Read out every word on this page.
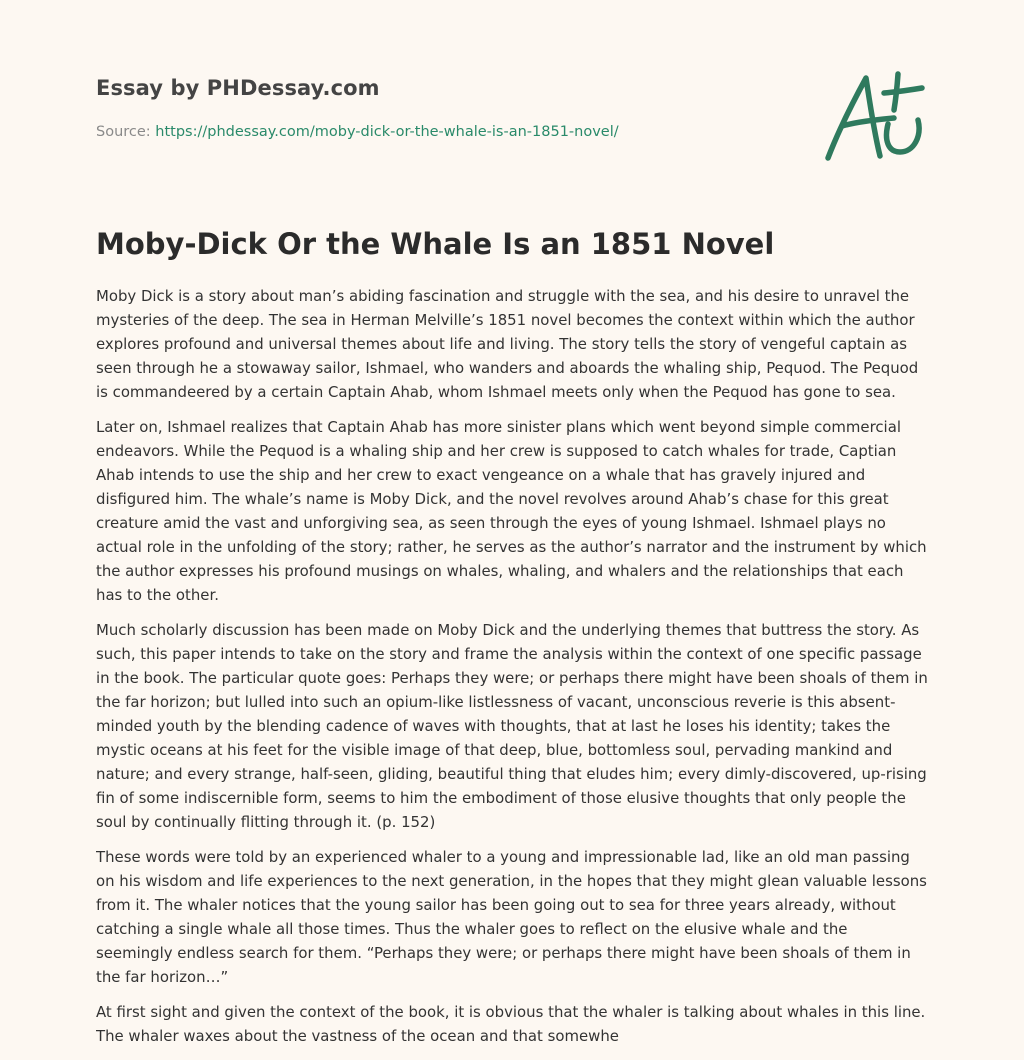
Essay by PHDessay.com

Source: https://phdessay.com/moby-dick-or-the-whale-is-an-1851-novel/

Moby-Dick Or the Whale Is an 1851 Novel

Moby Dick is a story about man’s abiding fascination and struggle with the sea, and his desire to unravel the mysteries of the deep. The sea in Herman Melville’s 1851 novel becomes the context within which the author explores profound and universal themes about life and living. The story tells the story of vengeful captain as seen through he a stowaway sailor, Ishmael, who wanders and aboards the whaling ship, Pequod. The Pequod is commandeered by a certain Captain Ahab, whom Ishmael meets only when the Pequod has gone to sea.

Later on, Ishmael realizes that Captain Ahab has more sinister plans which went beyond simple commercial endeavors. While the Pequod is a whaling ship and her crew is supposed to catch whales for trade, Captian Ahab intends to use the ship and her crew to exact vengeance on a whale that has gravely injured and disfigured him. The whale’s name is Moby Dick, and the novel revolves around Ahab’s chase for this great creature amid the vast and unforgiving sea, as seen through the eyes of young Ishmael. Ishmael plays no actual role in the unfolding of the story; rather, he serves as the author’s narrator and the instrument by which the author expresses his profound musings on whales, whaling, and whalers and the relationships that each has to the other.

Much scholarly discussion has been made on Moby Dick and the underlying themes that buttress the story. As such, this paper intends to take on the story and frame the analysis within the context of one specific passage in the book. The particular quote goes: Perhaps they were; or perhaps there might have been shoals of them in the far horizon; but lulled into such an opium-like listlessness of vacant, unconscious reverie is this absent-minded youth by the blending cadence of waves with thoughts, that at last he loses his identity; takes the mystic oceans at his feet for the visible image of that deep, blue, bottomless soul, pervading mankind and nature; and every strange, half-seen, gliding, beautiful thing that eludes him; every dimly-discovered, up-rising fin of some indiscernible form, seems to him the embodiment of those elusive thoughts that only people the soul by continually flitting through it. (p. 152)

These words were told by an experienced whaler to a young and impressionable lad, like an old man passing on his wisdom and life experiences to the next generation, in the hopes that they might glean valuable lessons from it. The whaler notices that the young sailor has been going out to sea for three years already, without catching a single whale all those times. Thus the whaler goes to reflect on the elusive whale and the seemingly endless search for them. “Perhaps they were; or perhaps there might have been shoals of them in the far horizon…”

At first sight and given the context of the book, it is obvious that the whaler is talking about whales in this line. The whaler waxes about the vastness of the ocean and that somewhe
